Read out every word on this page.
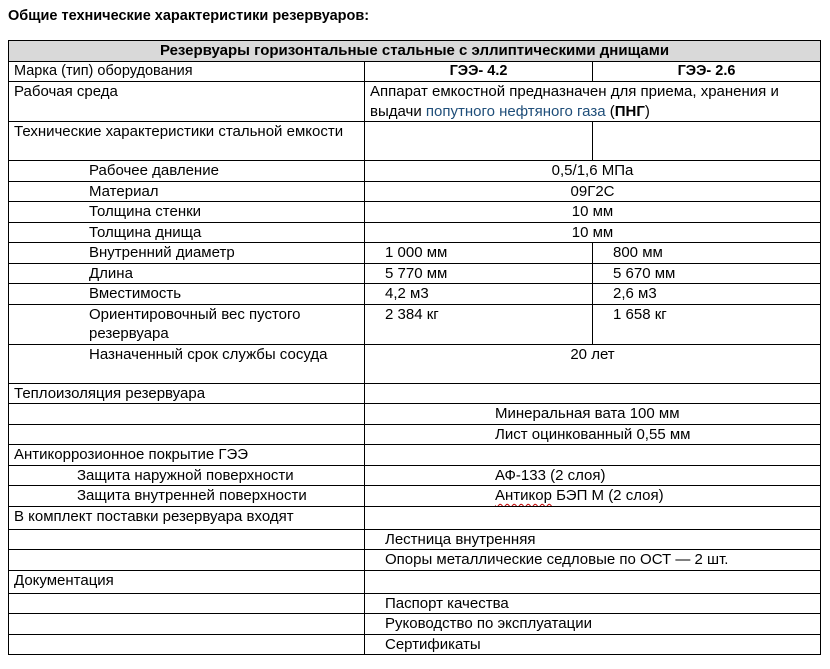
Общие технические характеристики резервуаров:
Резервуары горизонтальные стальные с эллиптическими днищами		
Марка (тип) оборудования	ГЭЭ- 4.2	ГЭЭ- 2.6
Рабочая среда	Аппарат емкостной предназначен для приема, хранения и выдачи попутного нефтяного газа (ПНГ)	
Технические характеристики стальной емкости		
Рабочее давление	0,5/1,6 МПа	
Материал	09Г2С	
Толщина стенки	10 мм	
Толщина днища	10 мм	
Внутренний диаметр	1 000 мм	800 мм
Длина	5 770 мм	5 670 мм
Вместимость	4,2 м3	2,6 м3
Ориентировочный вес пустого резервуара	2 384 кг	1 658 кг
Назначенный срок службы сосуда	20 лет	
Теплоизоляция резервуара		
	Минеральная вата 100 мм	
	Лист оцинкованный 0,55 мм	
Антикоррозионное покрытие ГЭЭ		
Защита наружной поверхности	АФ-133 (2 слоя)	
Защита внутренней поверхности	Антикор БЭП М (2 слоя)	
В комплект поставки резервуара входят		
	Лестница внутренняя	
	Опоры металлические седловые по ОСТ — 2 шт.	
Документация		
	Паспорт качества	
	Руководство по эксплуатации	
	Сертификаты	
